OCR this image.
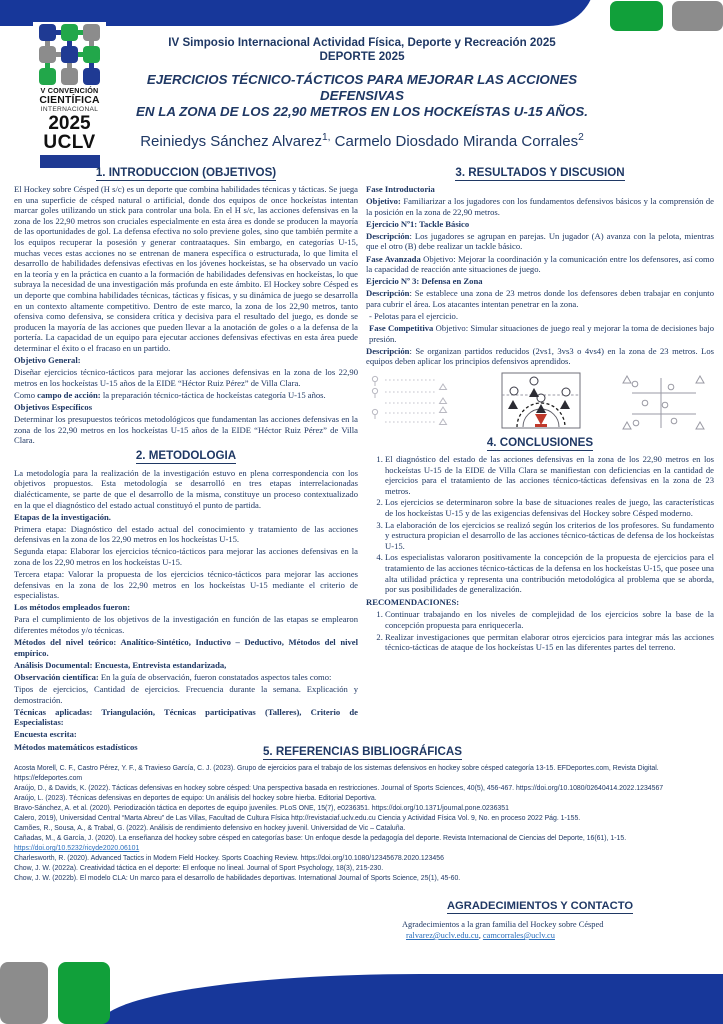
V CONVENCIÓN
CIENTÍFICA
INTERNACIONAL
2025
UCLV
IV Simposio Internacional Actividad Física, Deporte y Recreación 2025
DEPORTE 2025
EJERCICIOS TÉCNICO-TÁCTICOS PARA MEJORAR LAS ACCIONES DEFENSIVAS
EN LA ZONA DE LOS 22,90 METROS EN LOS HOCKEÍSTAS U-15 AÑOS.
Reiniedys Sánchez Alvarez$^{1,}$ Carmelo Diosdado Miranda Corrales$^2$
1. INTRODUCCION (OBJETIVOS)

El Hockey sobre Césped (H s/c) es un deporte que combina habilidades técnicas y tácticas. Se juega en una superficie de césped natural o artificial, donde dos equipos de once hockeístas intentan marcar goles utilizando un stick para controlar una bola. En el H s/c, las acciones defensivas en la zona de los 22,90 metros son cruciales especialmente en esta área es donde se producen la mayoría de las oportunidades de gol. La defensa efectiva no solo previene goles, sino que también permite a los equipos recuperar la posesión y generar contraataques. Sin embargo, en categorías U-15, muchas veces estas acciones no se entrenan de manera específica o estructurada, lo que limita el desarrollo de habilidades defensivas efectivas en los jóvenes hockeístas, se ha observado un vacío en la teoría y en la práctica en cuanto a la formación de habilidades defensivas en hockeístas, lo que subraya la necesidad de una investigación más profunda en este ámbito. El Hockey sobre Césped es un deporte que combina habilidades técnicas, tácticas y físicas, y su dinámica de juego se desarrolla en un contexto altamente competitivo. Dentro de este marco, la zona de los 22,90 metros, tanto ofensiva como defensiva, se considera crítica y decisiva para el resultado del juego, es donde se producen la mayoría de las acciones que pueden llevar a la anotación de goles o a la defensa de la portería. La capacidad de un equipo para ejecutar acciones defensivas efectivas en esta área puede determinar el éxito o el fracaso en un partido.

Objetivo General:

Diseñar ejercicios técnico-tácticos para mejorar las acciones defensivas en la zona de los 22,90 metros en los hockeístas U-15 años de la EIDE “Héctor Ruiz Pérez” de Villa Clara.

Como campo de acción: la preparación técnico-táctica de hockeístas categoría U-15 años.

Objetivos Específicos

Determinar los presupuestos teóricos metodológicos que fundamentan las acciones defensivas en la zona de los 22,90 metros en los hockeístas U-15 años de la EIDE “Héctor Ruiz Pérez” de Villa Clara.

2. METODOLOGIA

La metodología para la realización de la investigación estuvo en plena correspondencia con los objetivos propuestos. Esta metodología se desarrolló en tres etapas interrelacionadas dialécticamente, se parte de que el desarrollo de la misma, constituye un proceso contextualizado en la que el diagnóstico del estado actual constituyó el punto de partida.

Etapas de la investigación.

Primera etapa: Diagnóstico del estado actual del conocimiento y tratamiento de las acciones defensivas en la zona de los 22,90 metros en los hockeístas U-15.

Segunda etapa: Elaborar los ejercicios técnico-tácticos para mejorar las acciones defensivas en la zona de los 22,90 metros en los hockeístas U-15.

Tercera etapa: Valorar la propuesta de los ejercicios técnico-tácticos para mejorar las acciones defensivas en la zona de los 22,90 metros en los hockeístas U-15 mediante el criterio de especialistas.

Los métodos empleados fueron:

Para el cumplimiento de los objetivos de la investigación en función de las etapas se emplearon diferentes métodos y/o técnicas.

Métodos del nivel teórico: Analítico-Sintético, Inductivo – Deductivo, Métodos del nivel empírico.

Análisis Documental: Encuesta, Entrevista estandarizada,

Observación científica: En la guía de observación, fueron constatados aspectos tales como:

Tipos de ejercicios, Cantidad de ejercicios. Frecuencia durante la semana. Explicación y demostración.

Técnicas aplicadas: Triangulación, Técnicas participativas (Talleres), Criterio de Especialistas:

Encuesta escrita:

Métodos matemáticos estadísticos

3. RESULTADOS Y DISCUSION

Fase Introductoria

Objetivo: Familiarizar a los jugadores con los fundamentos defensivos básicos y la comprensión de la posición en la zona de 22,90 metros.

Ejercicio Nº1: Tackle Básico

Descripción: Los jugadores se agrupan en parejas. Un jugador (A) avanza con la pelota, mientras que el otro (B) debe realizar un tackle básico.

Fase Avanzada Objetivo: Mejorar la coordinación y la comunicación entre los defensores, así como la capacidad de reacción ante situaciones de juego.

Ejercicio Nº 3: Defensa en Zona

Descripción: Se establece una zona de 23 metros donde los defensores deben trabajar en conjunto para cubrir el área. Los atacantes intentan penetrar en la zona.

- Pelotas para el ejercicio.

Fase Competitiva Objetivo: Simular situaciones de juego real y mejorar la toma de decisiones bajo presión.

Descripción: Se organizan partidos reducidos (2vs1, 3vs3 o 4vs4) en la zona de 23 metros. Los equipos deben aplicar los principios defensivos aprendidos.

4. CONCLUSIONES
1. El diagnóstico del estado de las acciones defensivas en la zona de los 22,90 metros en los hockeístas U-15 de la EIDE de Villa Clara se manifiestan con deficiencias en la cantidad de ejercicios para el tratamiento de las acciones técnico-tácticas defensivas en la zona de 23 metros.
2. Los ejercicios se determinaron sobre la base de situaciones reales de juego, las características de los hockeístas U-15 y de las exigencias defensivas del Hockey sobre Césped moderno.
3. La elaboración de los ejercicios se realizó según los criterios de los profesores. Su fundamento y estructura propician el desarrollo de las acciones técnico-tácticas de defensa de los hockeístas U-15.
4. Los especialistas valoraron positivamente la concepción de la propuesta de ejercicios para el tratamiento de las acciones técnico-tácticas de la defensa en los hockeístas U-15, que posee una alta utilidad práctica y representa una contribución metodológica al problema que se aborda, por sus posibilidades de generalización.

RECOMENDACIONES:

1. Continuar trabajando en los niveles de complejidad de los ejercicios sobre la base de la concepción propuesta para enriquecerla.
2. Realizar investigaciones que permitan elaborar otros ejercicios para integrar más las acciones técnico-tácticas de ataque de los hockeístas U-15 en las diferentes partes del terreno.
5. REFERENCIAS BIBLIOGRÁFICAS

Acosta Morell, C. F., Castro Pérez, Y. F., & Travieso García, C. J. (2023). Grupo de ejercicios para el trabajo de los sistemas defensivos en hockey sobre césped categoría 13-15. EFDeportes.com, Revista Digital. https://efdeportes.com

Araújo, D., & Davids, K. (2022). Tácticas defensivas en hockey sobre césped: Una perspectiva basada en restricciones. Journal of Sports Sciences, 40(5), 456-467. https://doi.org/10.1080/02640414.2022.1234567

Araújo, L. (2023). Técnicas defensivas en deportes de equipo: Un análisis del hockey sobre hierba. Editorial Deportiva.

Bravo-Sánchez, A. et al. (2020). Periodización táctica en deportes de equipo juveniles. PLoS ONE, 15(7), e0236351. https://doi.org/10.1371/journal.pone.0236351

Calero, 2019), Universidad Central “Marta Abreu” de Las Villas, Facultad de Cultura Física http://revistaciaf.uclv.edu.cu Ciencia y Actividad Física Vol. 9, No. en proceso 2022 Pág. 1-155.

Camões, R., Sousa, A., & Trabal, G. (2022). Análisis de rendimiento defensivo en hockey juvenil. Universidad de Vic – Cataluña.

Cañadas, M., & García, J. (2020). La enseñanza del hockey sobre césped en categorías base: Un enfoque desde la pedagogía del deporte. Revista Internacional de Ciencias del Deporte, 16(61), 1-15. https://doi.org/10.5232/ricyde2020.06101

Charlesworth, R. (2020). Advanced Tactics in Modern Field Hockey. Sports Coaching Review. https://doi.org/10.1080/12345678.2020.123456

Chow, J. W. (2022a). Creatividad táctica en el deporte: El enfoque no lineal. Journal of Sport Psychology, 18(3), 215-230.

Chow, J. W. (2022b). El modelo CLA: Un marco para el desarrollo de habilidades deportivas. International Journal of Sports Science, 25(1), 45-60.

AGRADECIMIENTOS Y CONTACTO

Agradecimientos a la gran familia del Hockey sobre Césped

ralvarez@uclv.edu.cu, camcorrales@uclv.cu
